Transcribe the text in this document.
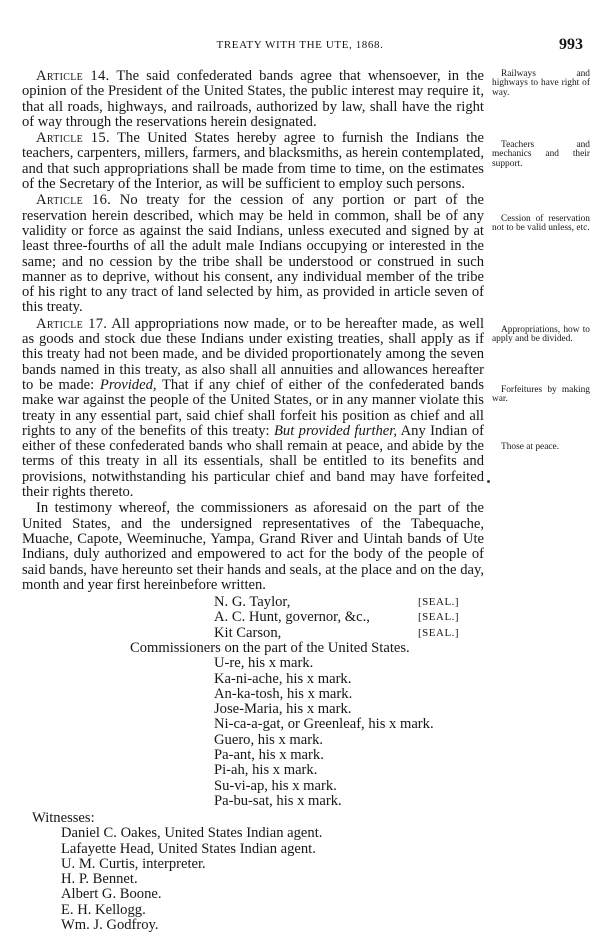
TREATY WITH THE UTE, 1868.	993

Article 14. The said confederated bands agree that whensoever, in the opinion of the President of the United States, the public interest may require it, that all roads, highways, and railroads, authorized by law, shall have the right of way through the reservations herein designated.

Article 15. The United States hereby agree to furnish the Indians the teachers, carpenters, millers, farmers, and blacksmiths, as herein contemplated, and that such appropriations shall be made from time to time, on the estimates of the Secretary of the Interior, as will be sufficient to employ such persons.

Article 16. No treaty for the cession of any portion or part of the reservation herein described, which may be held in common, shall be of any validity or force as against the said Indians, unless executed and signed by at least three-fourths of all the adult male Indians occupying or interested in the same; and no cession by the tribe shall be understood or construed in such manner as to deprive, without his consent, any individual member of the tribe of his right to any tract of land selected by him, as provided in article seven of this treaty.

Article 17. All appropriations now made, or to be hereafter made, as well as goods and stock due these Indians under existing treaties, shall apply as if this treaty had not been made, and be divided proportionately among the seven bands named in this treaty, as also shall all annuities and allowances hereafter to be made: Provided, That if any chief of either of the confederated bands make war against the people of the United States, or in any manner violate this treaty in any essential part, said chief shall forfeit his position as chief and all rights to any of the benefits of this treaty: But provided further, Any Indian of either of these confederated bands who shall remain at peace, and abide by the terms of this treaty in all its essentials, shall be entitled to its benefits and provisions, notwithstanding his particular chief and band may have forfeited their rights thereto.

In testimony whereof, the commissioners as aforesaid on the part of the United States, and the undersigned representatives of the Tabequache, Muache, Capote, Weeminuche, Yampa, Grand River and Uintah bands of Ute Indians, duly authorized and empowered to act for the body of the people of said bands, have hereunto set their hands and seals, at the place and on the day, month and year first hereinbefore written.

N. G. Taylor,	[SEAL.]
A. C. Hunt, governor, &c.,	[SEAL.]
Kit Carson,	[SEAL.]
Commissioners on the part of the United States.
U-re, his x mark.
Ka-ni-ache, his x mark.
An-ka-tosh, his x mark.
Jose-Maria, his x mark.
Ni-ca-a-gat, or Greenleaf, his x mark.
Guero, his x mark.
Pa-ant, his x mark.
Pi-ah, his x mark.
Su-vi-ap, his x mark.
Pa-bu-sat, his x mark.
Witnesses:
Daniel C. Oakes, United States Indian agent.
Lafayette Head, United States Indian agent.
U. M. Curtis, interpreter.
H. P. Bennet.
Albert G. Boone.
E. H. Kellogg.
Wm. J. Godfroy.
Railways and highways to have right of way.
Teachers and mechanics and their support.
Cession of reservation not to be valid unless, etc.
Appropriations, how to apply and be divided.
Forfeitures by making war.
Those at peace.
